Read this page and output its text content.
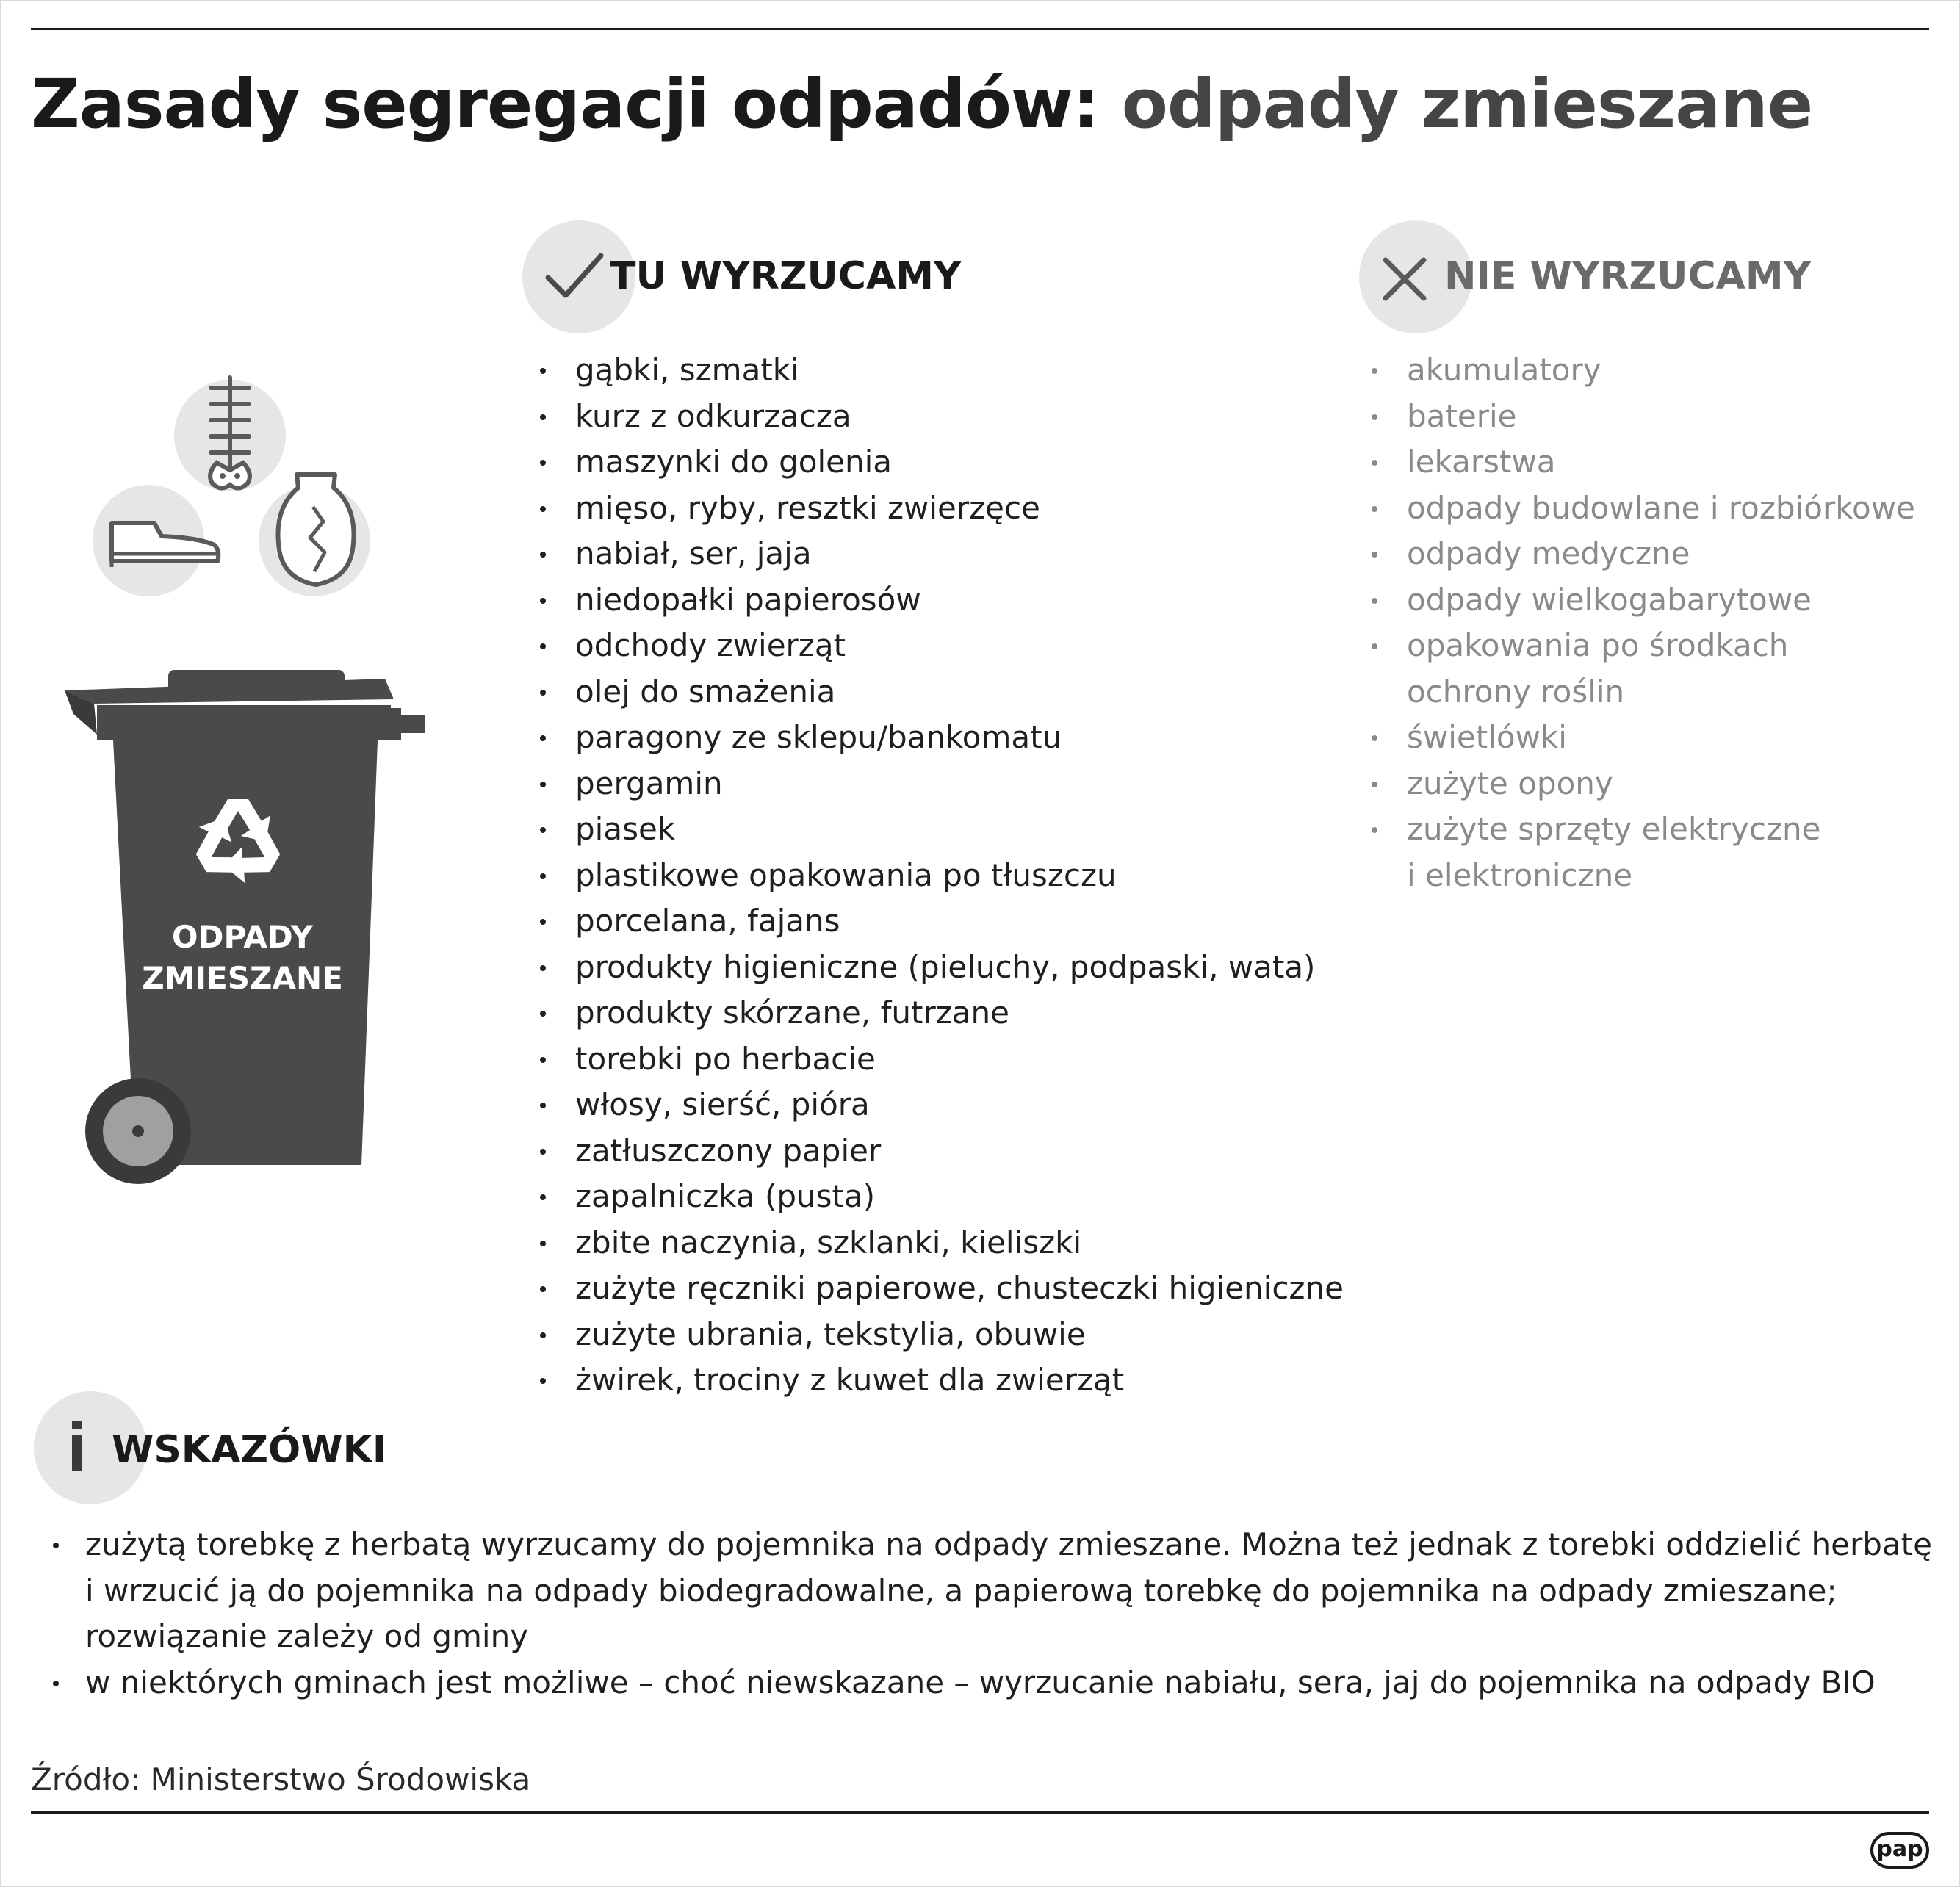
Zasady segregacji odpadów: odpady zmieszane
ODPADY
ZMIESZANE
TU WYRZUCAMY
gąbki, szmatki
kurz z odkurzacza
maszynki do golenia
mięso, ryby, resztki zwierzęce
nabiał, ser, jaja
niedopałki papierosów
odchody zwierząt
olej do smażenia
paragony ze sklepu/bankomatu
pergamin
piasek
plastikowe opakowania po tłuszczu
porcelana, fajans
produkty higieniczne (pieluchy, podpaski, wata)
produkty skórzane, futrzane
torebki po herbacie
włosy, sierść, pióra
zatłuszczony papier
zapalniczka (pusta)
zbite naczynia, szklanki, kieliszki
zużyte ręczniki papierowe, chusteczki higieniczne
zużyte ubrania, tekstylia, obuwie
żwirek, trociny z kuwet dla zwierząt
NIE WYRZUCAMY
akumulatory
baterie
lekarstwa
odpady budowlane i rozbiórkowe
odpady medyczne
odpady wielkogabarytowe
opakowania po środkach
ochrony roślin
świetlówki
zużyte opony
zużyte sprzęty elektryczne
i elektroniczne
WSKAZÓWKI
zużytą torebkę z herbatą wyrzucamy do pojemnika na odpady zmieszane. Można też jednak z torebki oddzielić herbatę
i wrzucić ją do pojemnika na odpady biodegradowalne, a papierową torebkę do pojemnika na odpady zmieszane;
rozwiązanie zależy od gminy
w niektórych gminach jest możliwe – choć niewskazane – wyrzucanie nabiału, sera, jaj do pojemnika na odpady BIO
Źródło: Ministerstwo Środowiska
pap
